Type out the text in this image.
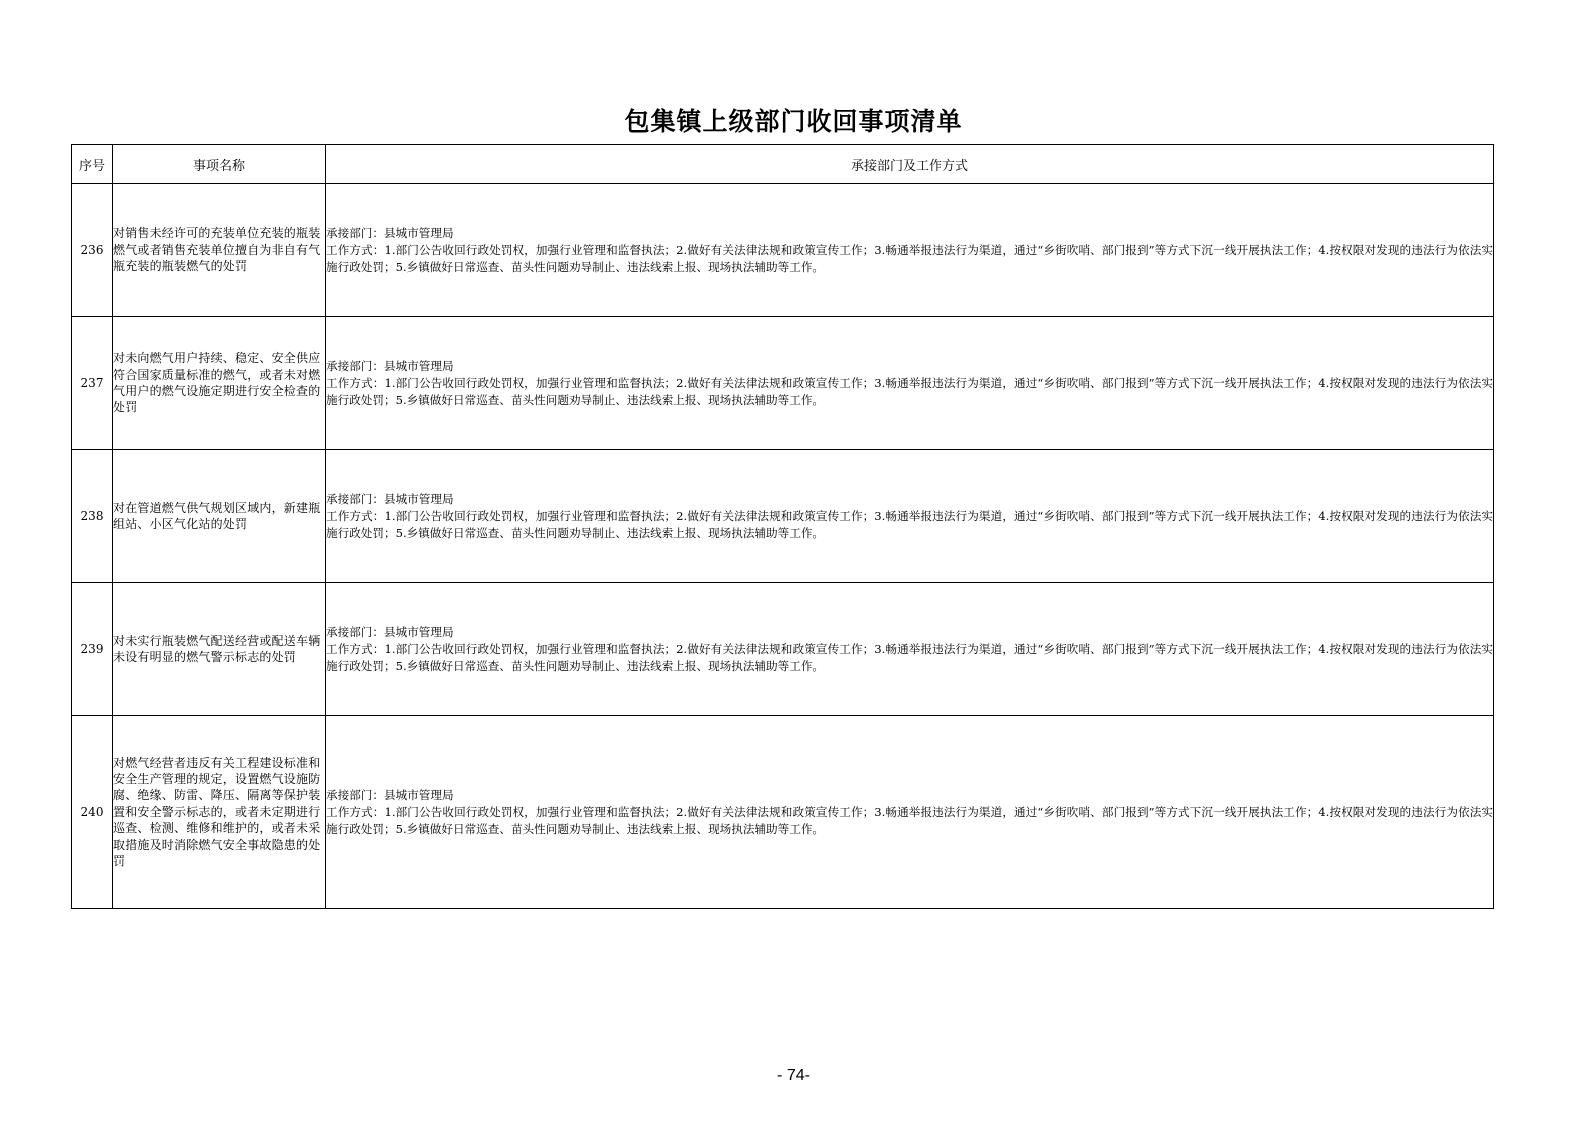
包集镇上级部门收回事项清单
序号	事项名称	承接部门及工作方式
236	对销售未经许可的充装单位充装的瓶装燃气或者销售充装单位擅自为非自有气瓶充装的瓶装燃气的处罚	承接部门：县城市管理局
工作方式：1.部门公告收回行政处罚权，加强行业管理和监督执法；2.做好有关法律法规和政策宣传工作；3.畅通举报违法行为渠道，通过“乡街吹哨、部门报到”等方式下沉一线开展执法工作；4.按权限对发现的违法行为依法实施行政处罚；5.乡镇做好日常巡查、苗头性问题劝导制止、违法线索上报、现场执法辅助等工作。

237	对未向燃气用户持续、稳定、安全供应符合国家质量标准的燃气，或者未对燃气用户的燃气设施定期进行安全检查的处罚	承接部门：县城市管理局
工作方式：1.部门公告收回行政处罚权，加强行业管理和监督执法；2.做好有关法律法规和政策宣传工作；3.畅通举报违法行为渠道，通过“乡街吹哨、部门报到”等方式下沉一线开展执法工作；4.按权限对发现的违法行为依法实施行政处罚；5.乡镇做好日常巡查、苗头性问题劝导制止、违法线索上报、现场执法辅助等工作。

238	对在管道燃气供气规划区域内，新建瓶组站、小区气化站的处罚	承接部门：县城市管理局
工作方式：1.部门公告收回行政处罚权，加强行业管理和监督执法；2.做好有关法律法规和政策宣传工作；3.畅通举报违法行为渠道，通过“乡街吹哨、部门报到”等方式下沉一线开展执法工作；4.按权限对发现的违法行为依法实施行政处罚；5.乡镇做好日常巡查、苗头性问题劝导制止、违法线索上报、现场执法辅助等工作。

239	对未实行瓶装燃气配送经营或配送车辆未设有明显的燃气警示标志的处罚	承接部门：县城市管理局
工作方式：1.部门公告收回行政处罚权，加强行业管理和监督执法；2.做好有关法律法规和政策宣传工作；3.畅通举报违法行为渠道，通过“乡街吹哨、部门报到”等方式下沉一线开展执法工作；4.按权限对发现的违法行为依法实施行政处罚；5.乡镇做好日常巡查、苗头性问题劝导制止、违法线索上报、现场执法辅助等工作。

240	对燃气经营者违反有关工程建设标准和安全生产管理的规定，设置燃气设施防腐、绝缘、防雷、降压、隔离等保护装置和安全警示标志的，或者未定期进行巡查、检测、维修和维护的，或者未采取措施及时消除燃气安全事故隐患的处罚	承接部门：县城市管理局
工作方式：1.部门公告收回行政处罚权，加强行业管理和监督执法；2.做好有关法律法规和政策宣传工作；3.畅通举报违法行为渠道，通过“乡街吹哨、部门报到”等方式下沉一线开展执法工作；4.按权限对发现的违法行为依法实施行政处罚；5.乡镇做好日常巡查、苗头性问题劝导制止、违法线索上报、现场执法辅助等工作。
- 74-
